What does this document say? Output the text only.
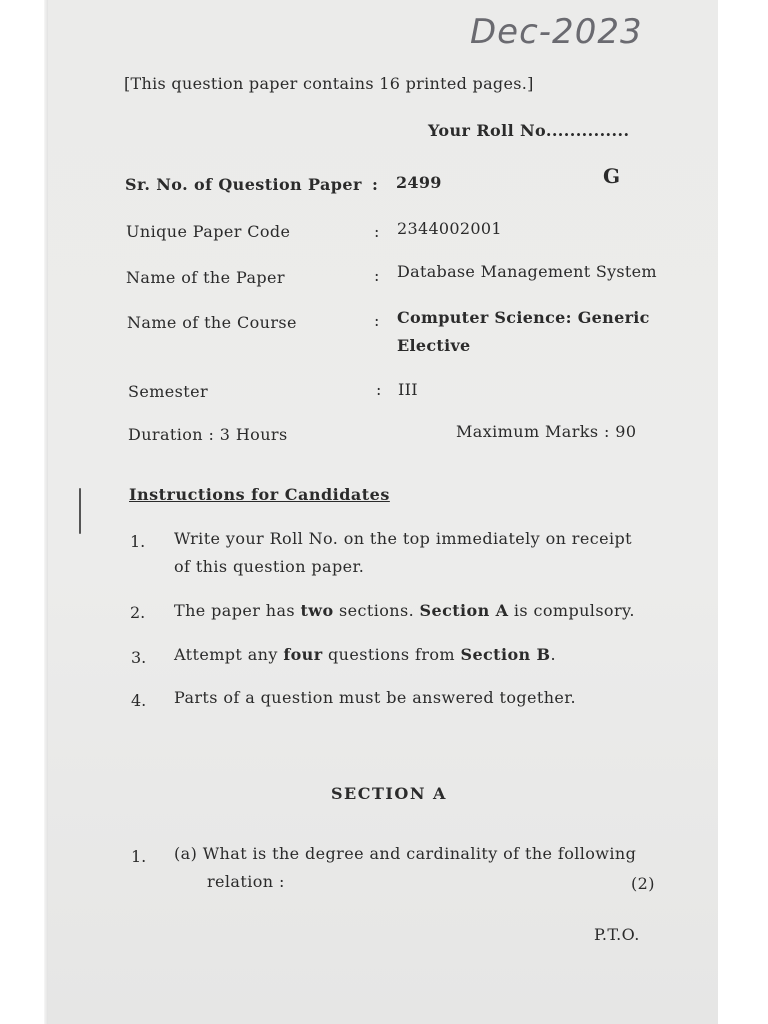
Dec-2023
[This question paper contains 16 printed pages.]
Your Roll No..............
Sr. No. of Question Paper : 2499	G
Unique Paper Code	: 2344002001
Name of the Paper	: Database Management System
Name of the Course	: Computer Science: Generic
Elective
Semester	: III
Duration : 3 Hours	Maximum Marks : 90
Instructions for Candidates
1. Write your Roll No. on the top immediately on receipt
of this question paper.
2. The paper has two sections. Section A is compulsory.
3. Attempt any four questions from Section B.
4. Parts of a question must be answered together.
SECTION A
1. (a) What is the degree and cardinality of the following
relation :	(2)
P.T.O.
